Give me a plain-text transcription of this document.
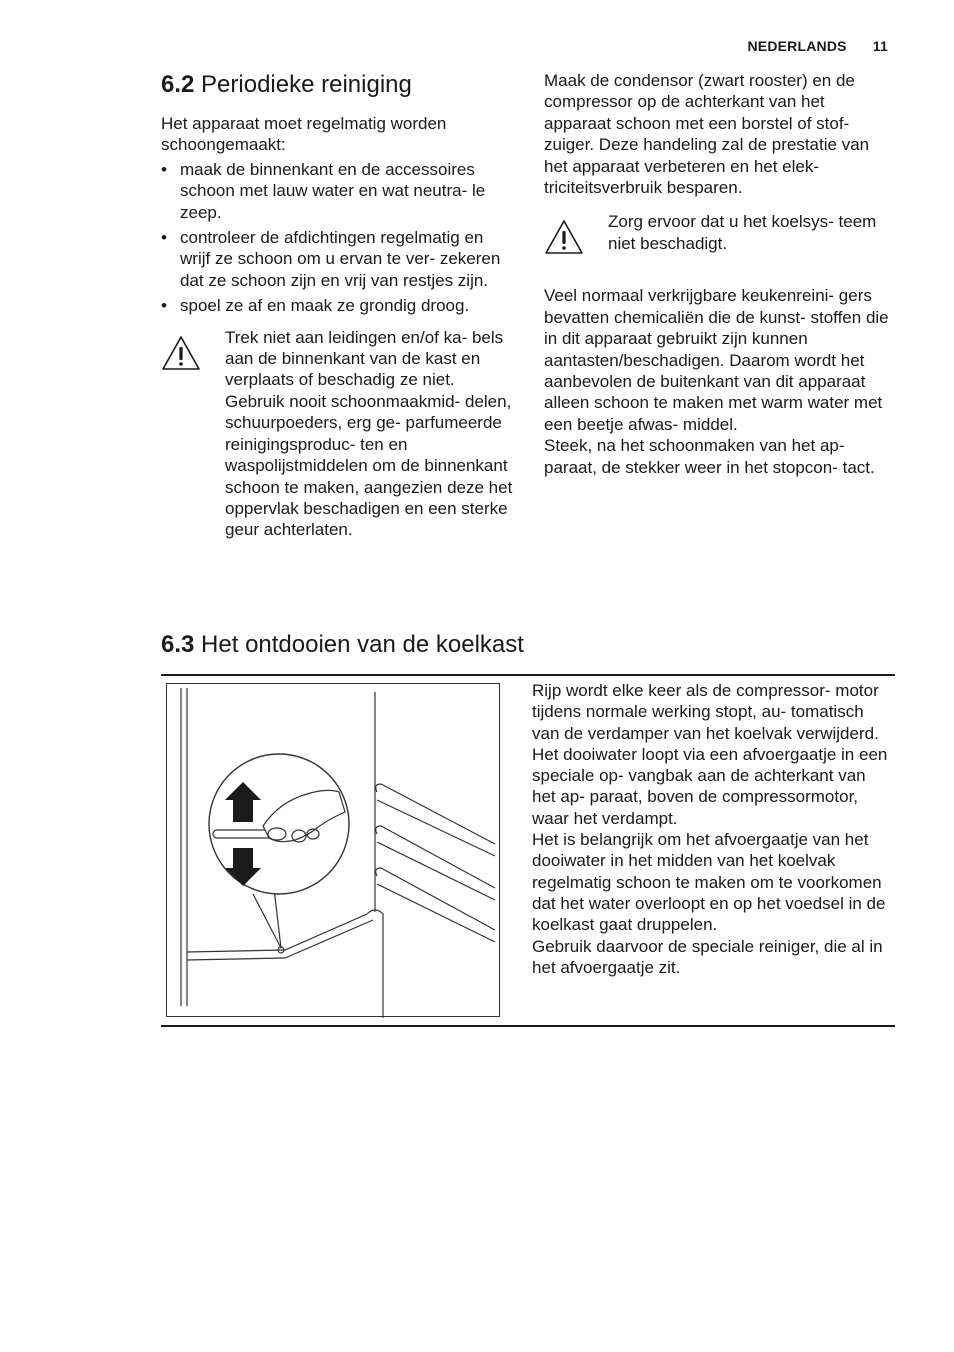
NEDERLANDS 11
6.2 Periodieke reiniging

Het apparaat moet regelmatig worden schoongemaakt:

• maak de binnenkant en de accessoires schoon met lauw water en wat neutra- le zeep.
• controleer de afdichtingen regelmatig en wrijf ze schoon om u ervan te ver- zekeren dat ze schoon zijn en vrij van restjes zijn.
• spoel ze af en maak ze grondig droog.

Trek niet aan leidingen en/of ka- bels aan de binnenkant van de kast en verplaats of beschadig ze niet.

Gebruik nooit schoonmaakmid- delen, schuurpoeders, erg ge- parfumeerde reinigingsproduc- ten en waspolijstmiddelen om de binnenkant schoon te maken, aangezien deze het oppervlak beschadigen en een sterke geur achterlaten.

Maak de condensor (zwart rooster) en de compressor op de achterkant van het apparaat schoon met een borstel of stof- zuiger. Deze handeling zal de prestatie van het apparaat verbeteren en het elek- triciteitsverbruik besparen.

Zorg ervoor dat u het koelsys- teem niet beschadigt.

Veel normaal verkrijgbare keukenreini- gers bevatten chemicaliën die de kunst- stoffen die in dit apparaat gebruikt zijn kunnen aantasten/beschadigen. Daarom wordt het aanbevolen de buitenkant van dit apparaat alleen schoon te maken met warm water met een beetje afwas- middel.

Steek, na het schoonmaken van het ap- paraat, de stekker weer in het stopcon- tact.

6.3 Het ontdooien van de koelkast

Rijp wordt elke keer als de compressor- motor tijdens normale werking stopt, au- tomatisch van de verdamper van het koelvak verwijderd. Het dooiwater loopt via een afvoergaatje in een speciale op- vangbak aan de achterkant van het ap- paraat, boven de compressormotor, waar het verdampt.

Het is belangrijk om het afvoergaatje van het dooiwater in het midden van het koelvak regelmatig schoon te maken om te voorkomen dat het water overloopt en op het voedsel in de koelkast gaat druppelen.

Gebruik daarvoor de speciale reiniger, die al in het afvoergaatje zit.
